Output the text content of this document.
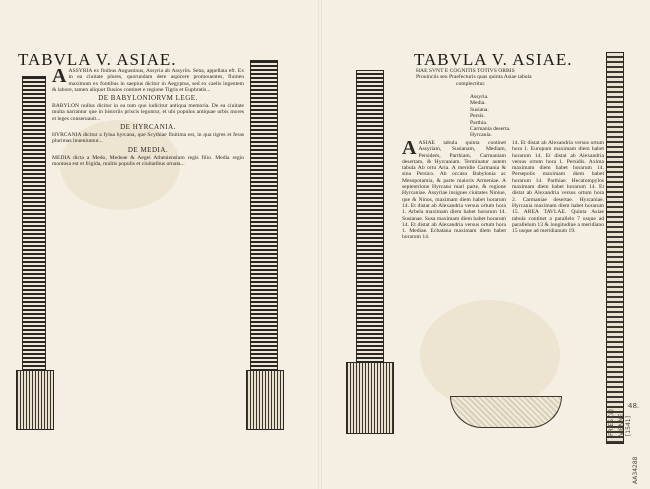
TABVLA V. ASIAE.

AASSYRIA ex finibus Augustinus, Assyria ab Assyriis. Sena, appellata eft. Ex in ea ciuitate plures, quorundam dere aspicere promouentes, flumen maximum ex fontibus in saepius dicitur in Aegyptus, sed ex caelis ingentem & labore, tamen aliquot fluuios continet e regione Tigris et Euphratis...

DE BABYLONIORVM LEGE.

BABYLON nullus dicitur in ea tum quo iudicitur antiqua memoria. De ea ciuitate multa narrantur que in historiis priscis leguntur, et ubi populus antiquae urbis mores et leges conseruauit...

DE HYRCANIA.

HYRCANIA dicitur a fylua hyrcana, que Scythiae finitima est, in qua tigres et feras plurimas inueniuntur...

DE MEDIA.

MEDIA dicta a Medo, Medeae & Aegei Atheniensium regis filio. Media regio montosa est et frigida, multis populis et ciuitatibus ornata...

TABVLA V. ASIAE.
HAE SVNT E COGNITIS TOTIVS ORBIS
Prouinciis seu Praefecturis quas quinta Asiae tabula
complectitur.
Assyria.
Media.
Susiana.
Persis.
Parthia.
Carmania deserta.
Hyrcania.
AASIAE tabula quinta continet Assyriam, Susianam, Mediam, Persidem, Parthiam, Carmaniam desertam, & Hyrcaniam. Terminatur autem tabula Ab ortu Aria. A meridie Carmania & sinu Persico. Ab occasu Babylonia ac Mesopotamia, & parte maioris Armeniae. A septentrione Hyrcano mari parte, & regione Hyrcaniae. Assyriae insignes ciuitates Niniue, que & Ninos, maximam diem habet horarum 14. Et distat ab Alexandria versus ortum hora 1. Arbela maximam diem habet horarum 14. Susianae. Susa maximam diem habet horarum 14. Et distat ab Alexandria versus ortum hora 1. Mediae. Ecbatana maximam diem habet horarum 14.
14. Et distat ab Alexandria versus ortum hora 1. Europum maximam diem habet horarum 14. Et distat ab Alexandria versus ortum hora 1. Persidis. Axima maximam diem habet horarum 14. Persepolis maximam diem habet horarum 14. Parthiae. Hecatompylos maximam diem habet horarum 14. Et distat ab Alexandria versus ortum hora 2. Carmaniae desertae. Hyrcaniae. Hyrcania maximam diem habet horarum 15. AREA TAVLAE. Quinta Asiae tabula continet a parallelo 7 usque ad parallelum 13 & longitudine a meridiano 15 usque ad meridianum 19.
FRIES (L) VIENNE [1541]
48.
AA34288
